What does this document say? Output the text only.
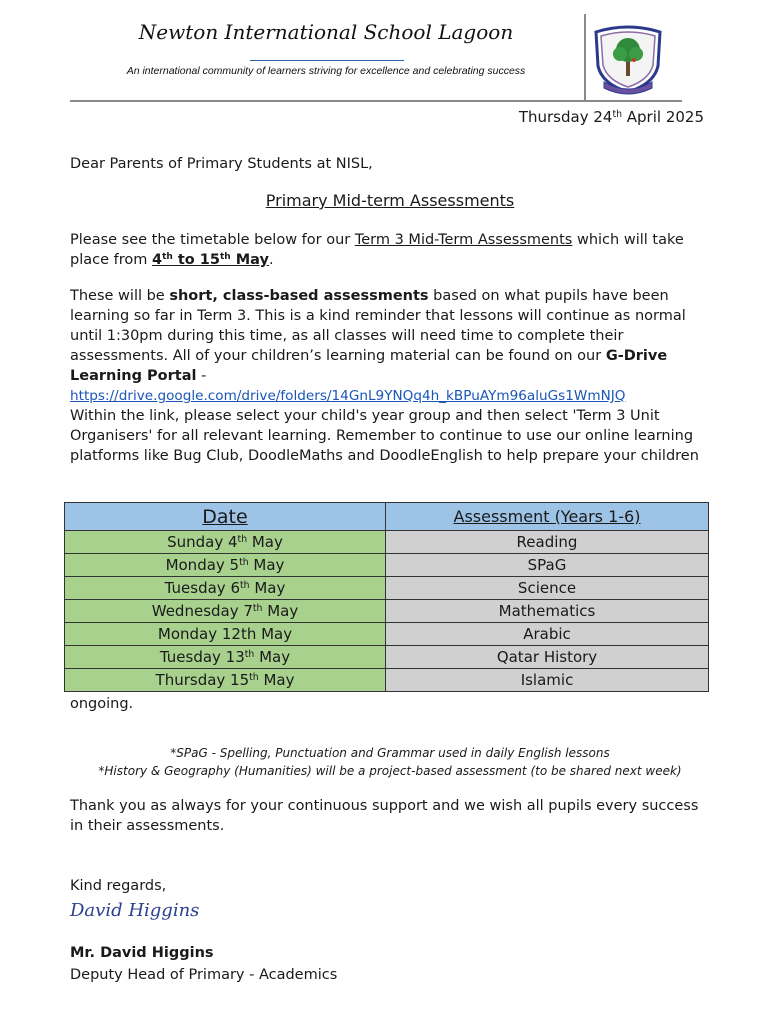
Newton International School Lagoon
An international community of learners striving for excellence and celebrating success
Thursday 24th April 2025
Dear Parents of Primary Students at NISL,
Primary Mid-term Assessments
Please see the timetable below for our Term 3 Mid-Term Assessments which will take place from 4th to 15th May.
These will be short, class-based assessments based on what pupils have been learning so far in Term 3. This is a kind reminder that lessons will continue as normal until 1:30pm during this time, as all classes will need time to complete their assessments. All of your children’s learning material can be found on our G-Drive Learning Portal - https://drive.google.com/drive/folders/14GnL9YNQq4h_kBPuAYm96aluGs1WmNJQ
Within the link, please select your child's year group and then select 'Term 3 Unit Organisers' for all relevant learning. Remember to continue to use our online learning platforms like Bug Club, DoodleMaths and DoodleEnglish to help prepare your children
Date	Assessment (Years 1-6)
Sunday 4th May	Reading
Monday 5th May	SPaG
Tuesday 6th May	Science
Wednesday 7th May	Mathematics
Monday 12th May	Arabic
Tuesday 13th May	Qatar History
Thursday 15th May	Islamic
ongoing.
*SPaG - Spelling, Punctuation and Grammar used in daily English lessons
*History & Geography (Humanities) will be a project-based assessment (to be shared next week)
Thank you as always for your continuous support and we wish all pupils every success in their assessments.
Kind regards,
David Higgins
Mr. David Higgins
Deputy Head of Primary - Academics
